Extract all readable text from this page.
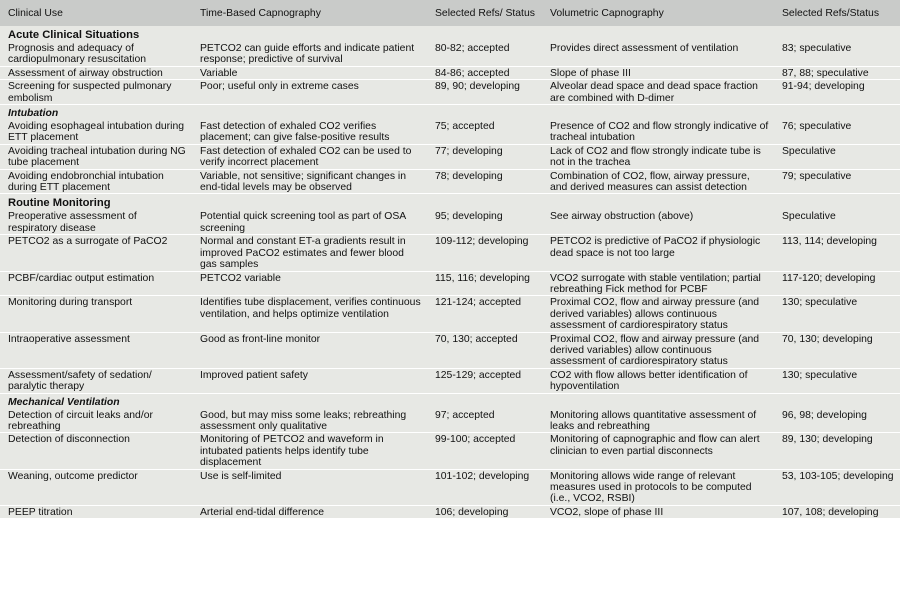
Clinical Use	Time-Based Capnography	Selected Refs/ Status	Volumetric Capnography	Selected Refs/Status
Acute Clinical Situations				
Prognosis and adequacy of cardiopulmonary resuscitation	PETCO2 can guide efforts and indicate patient response; predictive of survival	80-82; accepted	Provides direct assessment of ventilation	83; speculative
Assessment of airway obstruction	Variable	84-86; accepted	Slope of phase III	87, 88; speculative
Screening for suspected pulmonary embolism	Poor; useful only in extreme cases	89, 90; developing	Alveolar dead space and dead space fraction are combined with D-dimer	91-94; developing
Intubation				
Avoiding esophageal intubation during ETT placement	Fast detection of exhaled CO2 verifies placement; can give false-positive results	75; accepted	Presence of CO2 and flow strongly indicative of tracheal intubation	76; speculative
Avoiding tracheal intubation during NG tube placement	Fast detection of exhaled CO2 can be used to verify incorrect placement	77; developing	Lack of CO2 and flow strongly indicate tube is not in the trachea	Speculative
Avoiding endobronchial intubation during ETT placement	Variable, not sensitive; significant changes in end-tidal levels may be observed	78; developing	Combination of CO2, flow, airway pressure, and derived measures can assist detection	79; speculative
Routine Monitoring				
Preoperative assessment of respiratory disease	Potential quick screening tool as part of OSA screening	95; developing	See airway obstruction (above)	Speculative
PETCO2 as a surrogate of PaCO2	Normal and constant ET-a gradients result in improved PaCO2 estimates and fewer blood gas samples	109-112; developing	PETCO2 is predictive of PaCO2 if physiologic dead space is not too large	113, 114; developing
PCBF/cardiac output estimation	PETCO2 variable	115, 116; developing	VCO2 surrogate with stable ventilation; partial rebreathing Fick method for PCBF	117-120; developing
Monitoring during transport	Identifies tube displacement, verifies continuous ventilation, and helps optimize ventilation	121-124; accepted	Proximal CO2, flow and airway pressure (and derived variables) allows continuous assessment of cardiorespiratory status	130; speculative
Intraoperative assessment	Good as front-line monitor	70, 130; accepted	Proximal CO2, flow and airway pressure (and derived variables) allow continuous assessment of cardiorespiratory status	70, 130; developing
Assessment/safety of sedation/ paralytic therapy	Improved patient safety	125-129; accepted	CO2 with flow allows better identification of hypoventilation	130; speculative
Mechanical Ventilation				
Detection of circuit leaks and/or rebreathing	Good, but may miss some leaks; rebreathing assessment only qualitative	97; accepted	Monitoring allows quantitative assessment of leaks and rebreathing	96, 98; developing
Detection of disconnection	Monitoring of PETCO2 and waveform in intubated patients helps identify tube displacement	99-100; accepted	Monitoring of capnographic and flow can alert clinician to even partial disconnects	89, 130; developing
Weaning, outcome predictor	Use is self-limited	101-102; developing	Monitoring allows wide range of relevant measures used in protocols to be computed (i.e., VCO2, RSBI)	53, 103-105; developing
PEEP titration	Arterial end-tidal difference	106; developing	VCO2, slope of phase III	107, 108; developing
